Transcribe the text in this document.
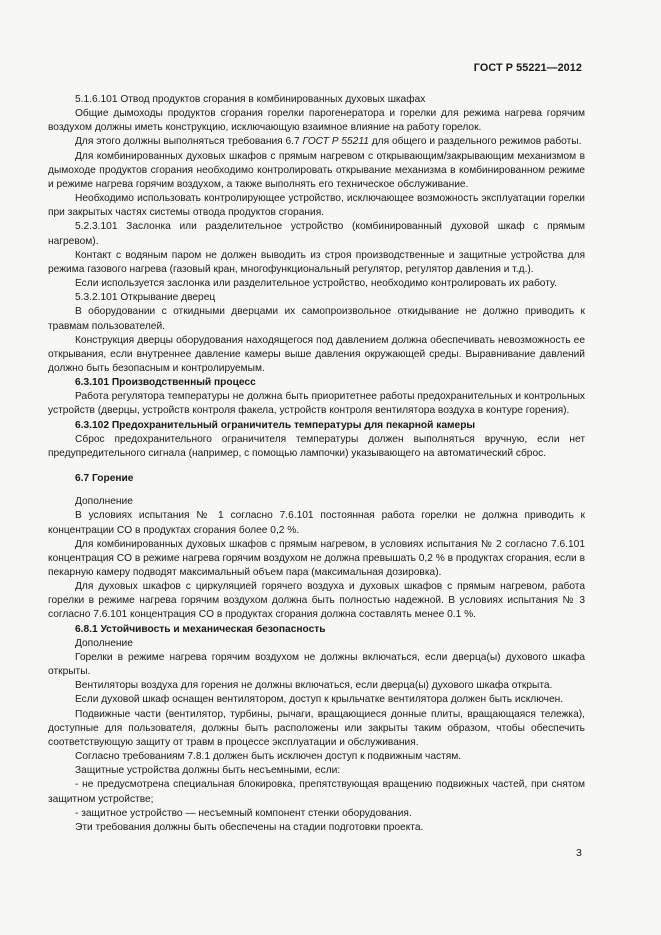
ГОСТ Р 55221—2012

5.1.6.101 Отвод продуктов сгорания в комбинированных духовых шкафах

Общие дымоходы продуктов сгорания горелки парогенератора и горелки для режима нагрева горячим воздухом должны иметь конструкцию, исключающую взаимное влияние на работу горелок.

Для этого должны выполняться требования 6.7 ГОСТ Р 55211 для общего и раздельного режимов работы.

Для комбинированных духовых шкафов с прямым нагревом с открывающим/закрывающим механизмом в дымоходе продуктов сгорания необходимо контролировать открывание механизма в комбинированном режиме и режиме нагрева горячим воздухом, а также выполнять его техническое обслуживание.

Необходимо использовать контролирующее устройство, исключающее возможность эксплуатации горелки при закрытых частях системы отвода продуктов сгорания.

5.2.3.101 Заслонка или разделительное устройство (комбинированный духовой шкаф с прямым нагревом).

Контакт с водяным паром не должен выводить из строя производственные и защитные устройства для режима газового нагрева (газовый кран, многофункциональный регулятор, регулятор давления и т.д.).

Если используется заслонка или разделительное устройство, необходимо контролировать их работу.

5.3.2.101 Открывание дверец

В оборудовании с откидными дверцами их самопроизвольное откидывание не должно приводить к травмам пользователей.

Конструкция дверцы оборудования находящегося под давлением должна обеспечивать невозможность ее открывания, если внутреннее давление камеры выше давления окружающей среды. Выравнивание давлений должно быть безопасным и контролируемым.

6.3.101 Производственный процесс

Работа регулятора температуры не должна быть приоритетнее работы предохранительных и контрольных устройств (дверцы, устройств контроля факела, устройств контроля вентилятора воздуха в контуре горения).

6.3.102 Предохранительный ограничитель температуры для пекарной камеры

Сброс предохранительного ограничителя температуры должен выполняться вручную, если нет предупредительного сигнала (например, с помощью лампочки) указывающего на автоматический сброс.

6.7 Горение

Дополнение

В условиях испытания № 1 согласно 7.6.101 постоянная работа горелки не должна приводить к концентрации CO в продуктах сгорания более 0,2 %.

Для комбинированных духовых шкафов с прямым нагревом, в условиях испытания № 2 согласно 7.6.101 концентрация CO в режиме нагрева горячим воздухом не должна превышать 0,2 % в продуктах сгорания, если в пекарную камеру подводят максимальный объем пара (максимальная дозировка).

Для духовых шкафов с циркуляцией горячего воздуха и духовых шкафов с прямым нагревом, работа горелки в режиме нагрева горячим воздухом должна быть полностью надежной. В условиях испытания № 3 согласно 7.6.101 концентрация CO в продуктах сгорания должна составлять менее 0.1 %.

6.8.1 Устойчивость и механическая безопасность

Дополнение

Горелки в режиме нагрева горячим воздухом не должны включаться, если дверца(ы) духового шкафа открыты.

Вентиляторы воздуха для горения не должны включаться, если дверца(ы) духового шкафа открыта.

Если духовой шкаф оснащен вентилятором, доступ к крыльчатке вентилятора должен быть исключен.

Подвижные части (вентилятор, турбины, рычаги, вращающиеся донные плиты, вращающаяся тележка), доступные для пользователя, должны быть расположены или закрыты таким образом, чтобы обеспечить соответствующую защиту от травм в процессе эксплуатации и обслуживания.

Согласно требованиям 7.8.1 должен быть исключен доступ к подвижным частям.

Защитные устройства должны быть несъемными, если:

- не предусмотрена специальная блокировка, препятствующая вращению подвижных частей, при снятом защитном устройстве;

- защитное устройство — несъемный компонент стенки оборудования.

Эти требования должны быть обеспечены на стадии подготовки проекта.

3
